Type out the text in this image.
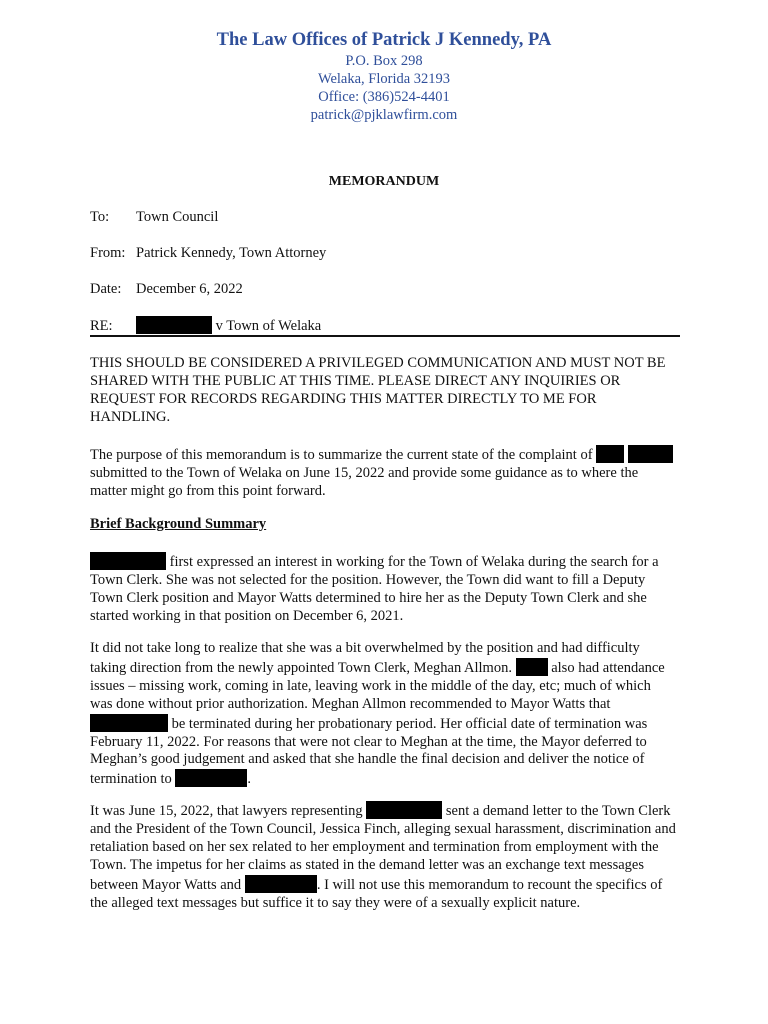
The Law Offices of Patrick J Kennedy, PA
P.O. Box 298
Welaka, Florida 32193
Office: (386)524-4401
patrick@pjklawfirm.com
MEMORANDUM
To: Town Council
From: Patrick Kennedy, Town Attorney
Date: December 6, 2022
RE:	v Town of Welaka
THIS SHOULD BE CONSIDERED A PRIVILEGED COMMUNICATION AND MUST NOT BE SHARED WITH THE PUBLIC AT THIS TIME. PLEASE DIRECT ANY INQUIRIES OR REQUEST FOR RECORDS REGARDING THIS MATTER DIRECTLY TO ME FOR HANDLING.
The purpose of this memorandum is to summarize the current state of the complaint of   submitted to the Town of Welaka on June 15, 2022 and provide some guidance as to where the matter might go from this point forward.
Brief Background Summary
first expressed an interest in working for the Town of Welaka during the search for a Town Clerk. She was not selected for the position. However, the Town did want to fill a Deputy Town Clerk position and Mayor Watts determined to hire her as the Deputy Town Clerk and she started working in that position on December 6, 2021.
It did not take long to realize that she was a bit overwhelmed by the position and had difficulty taking direction from the newly appointed Town Clerk, Meghan Allmon.	also had attendance issues – missing work, coming in late, leaving work in the middle of the day, etc; much of which was done without prior authorization. Meghan Allmon recommended to Mayor Watts that  be terminated during her probationary period. Her official date of termination was February 11, 2022. For reasons that were not clear to Meghan at the time, the Mayor deferred to Meghan’s good judgement and asked that she handle the final decision and deliver the notice of termination to	.
It was June 15, 2022, that lawyers representing	sent a demand letter to the Town Clerk and the President of the Town Council, Jessica Finch, alleging sexual harassment, discrimination and retaliation based on her sex related to her employment and termination from employment with the Town. The impetus for her claims as stated in the demand letter was an exchange text messages between Mayor Watts and	. I will not use this memorandum to recount the specifics of the alleged text messages but suffice it to say they were of a sexually explicit nature.
